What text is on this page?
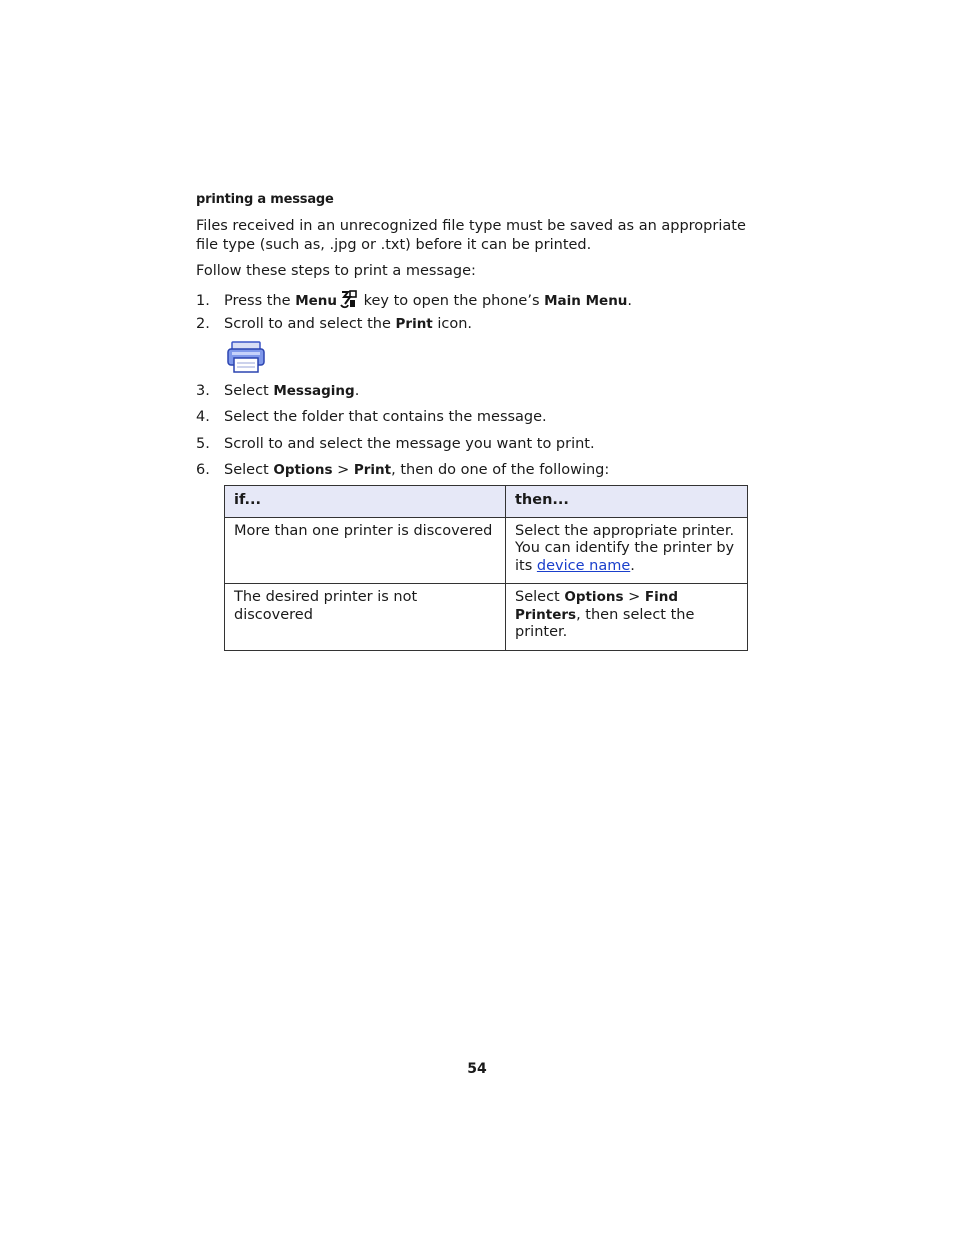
printing a message
Files received in an unrecognized file type must be saved as an appropriate file type (such as, .jpg or .txt) before it can be printed.
Follow these steps to print a message:
1. Press the Menu key to open the phone’s Main Menu.
2. Scroll to and select the Print icon.
3. Select Messaging.
4. Select the folder that contains the message.
5. Scroll to and select the message you want to print.
6. Select Options > Print, then do one of the following:
if...	then...
More than one printer is discovered	Select the appropriate printer. You can identify the printer by its device name.
The desired printer is not discovered	Select Options > Find Printers, then select the printer.
54
